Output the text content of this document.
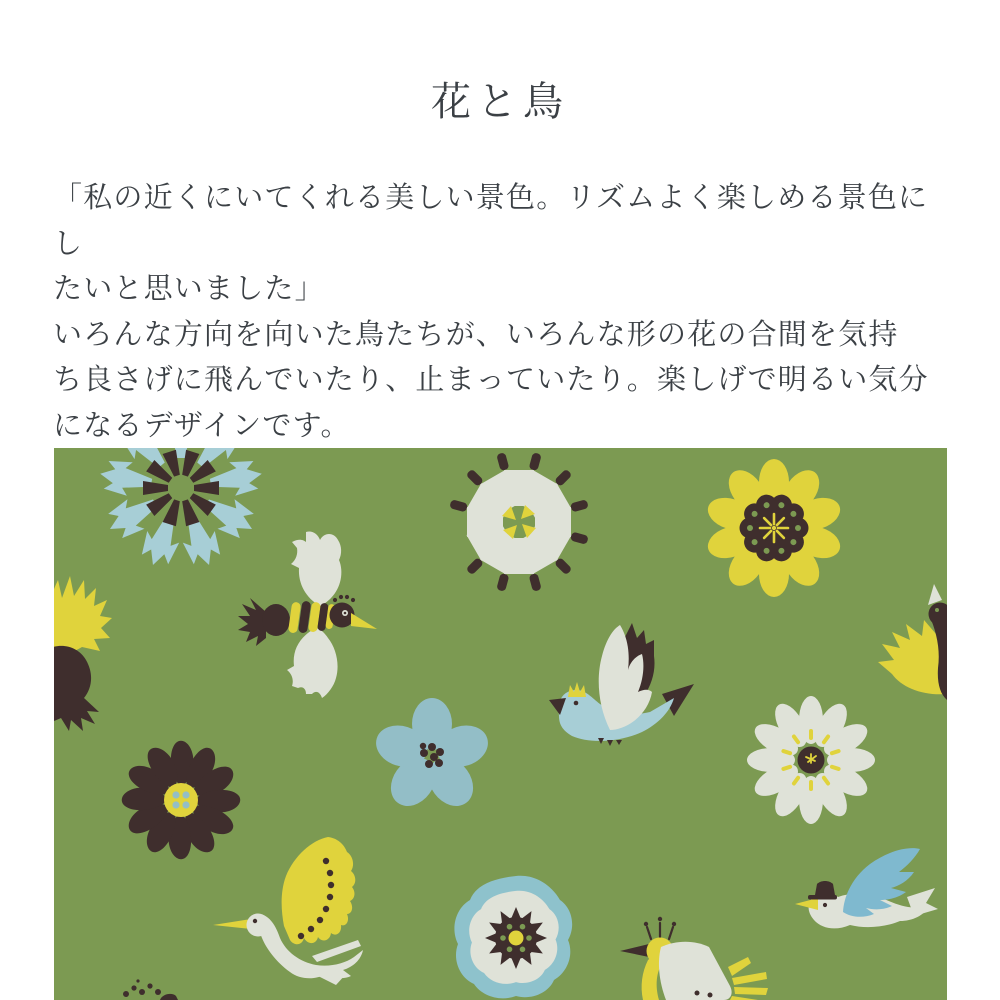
花と鳥
「私の近くにいてくれる美しい景色。リズムよく楽しめる景色にし
たいと思いました」
いろんな方向を向いた鳥たちが、いろんな形の花の合間を気持
ち良さげに飛んでいたり、止まっていたり。楽しげで明るい気分
になるデザインです。
